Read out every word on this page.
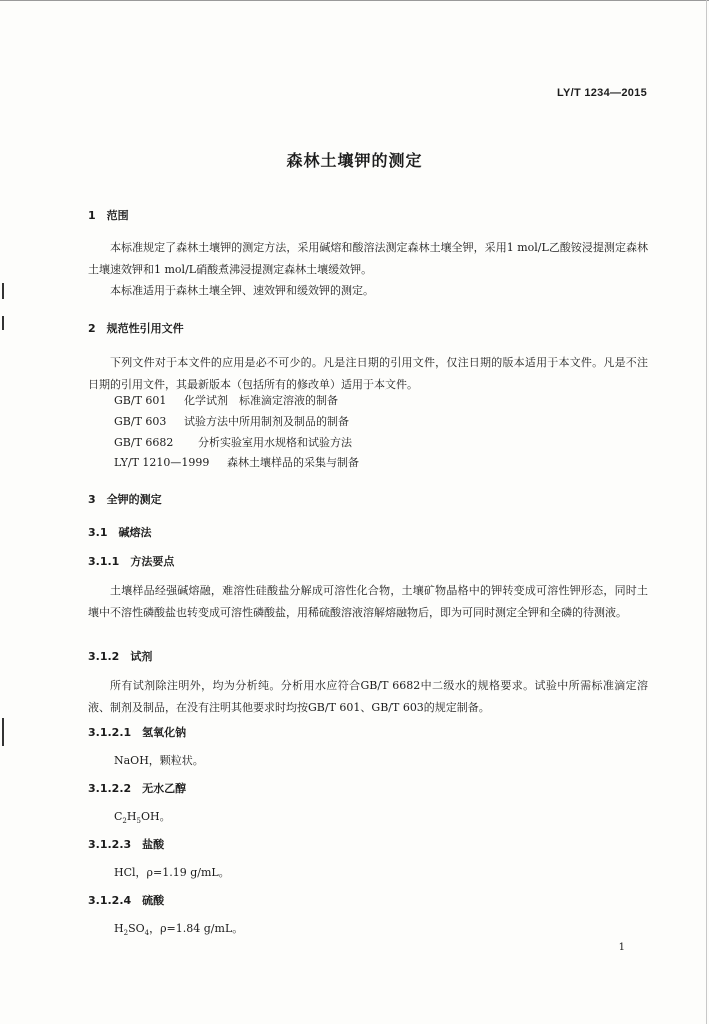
LY/T 1234—2015
森林土壤钾的测定
1　范围
本标准规定了森林土壤钾的测定方法，采用碱熔和酸溶法测定森林土壤全钾，采用1 mol/L乙酸铵浸提测定森林土壤速效钾和1 mol/L硝酸煮沸浸提测定森林土壤缓效钾。
本标准适用于森林土壤全钾、速效钾和缓效钾的测定。
2　规范性引用文件
下列文件对于本文件的应用是必不可少的。凡是注日期的引用文件，仅注日期的版本适用于本文件。凡是不注日期的引用文件，其最新版本（包括所有的修改单）适用于本文件。
GB/T 601 化学试剂　标准滴定溶液的制备
GB/T 603 试验方法中所用制剂及制品的制备
GB/T 6682 分析实验室用水规格和试验方法
LY/T 1210—1999 森林土壤样品的采集与制备
3　全钾的测定
3.1　碱熔法
3.1.1　方法要点
土壤样品经强碱熔融，难溶性硅酸盐分解成可溶性化合物，土壤矿物晶格中的钾转变成可溶性钾形态，同时土壤中不溶性磷酸盐也转变成可溶性磷酸盐，用稀硫酸溶液溶解熔融物后，即为可同时测定全钾和全磷的待测液。
3.1.2　试剂
所有试剂除注明外，均为分析纯。分析用水应符合GB/T 6682中二级水的规格要求。试验中所需标准滴定溶液、制剂及制品，在没有注明其他要求时均按GB/T 601、GB/T 603的规定制备。
3.1.2.1　氢氧化钠
NaOH，颗粒状。
3.1.2.2　无水乙醇
$C_2H_5OH$。
3.1.2.3　盐酸
HCl，ρ=1.19 g/mL。
3.1.2.4　硫酸
$H_2SO_4$，ρ=1.84 g/mL。
1
